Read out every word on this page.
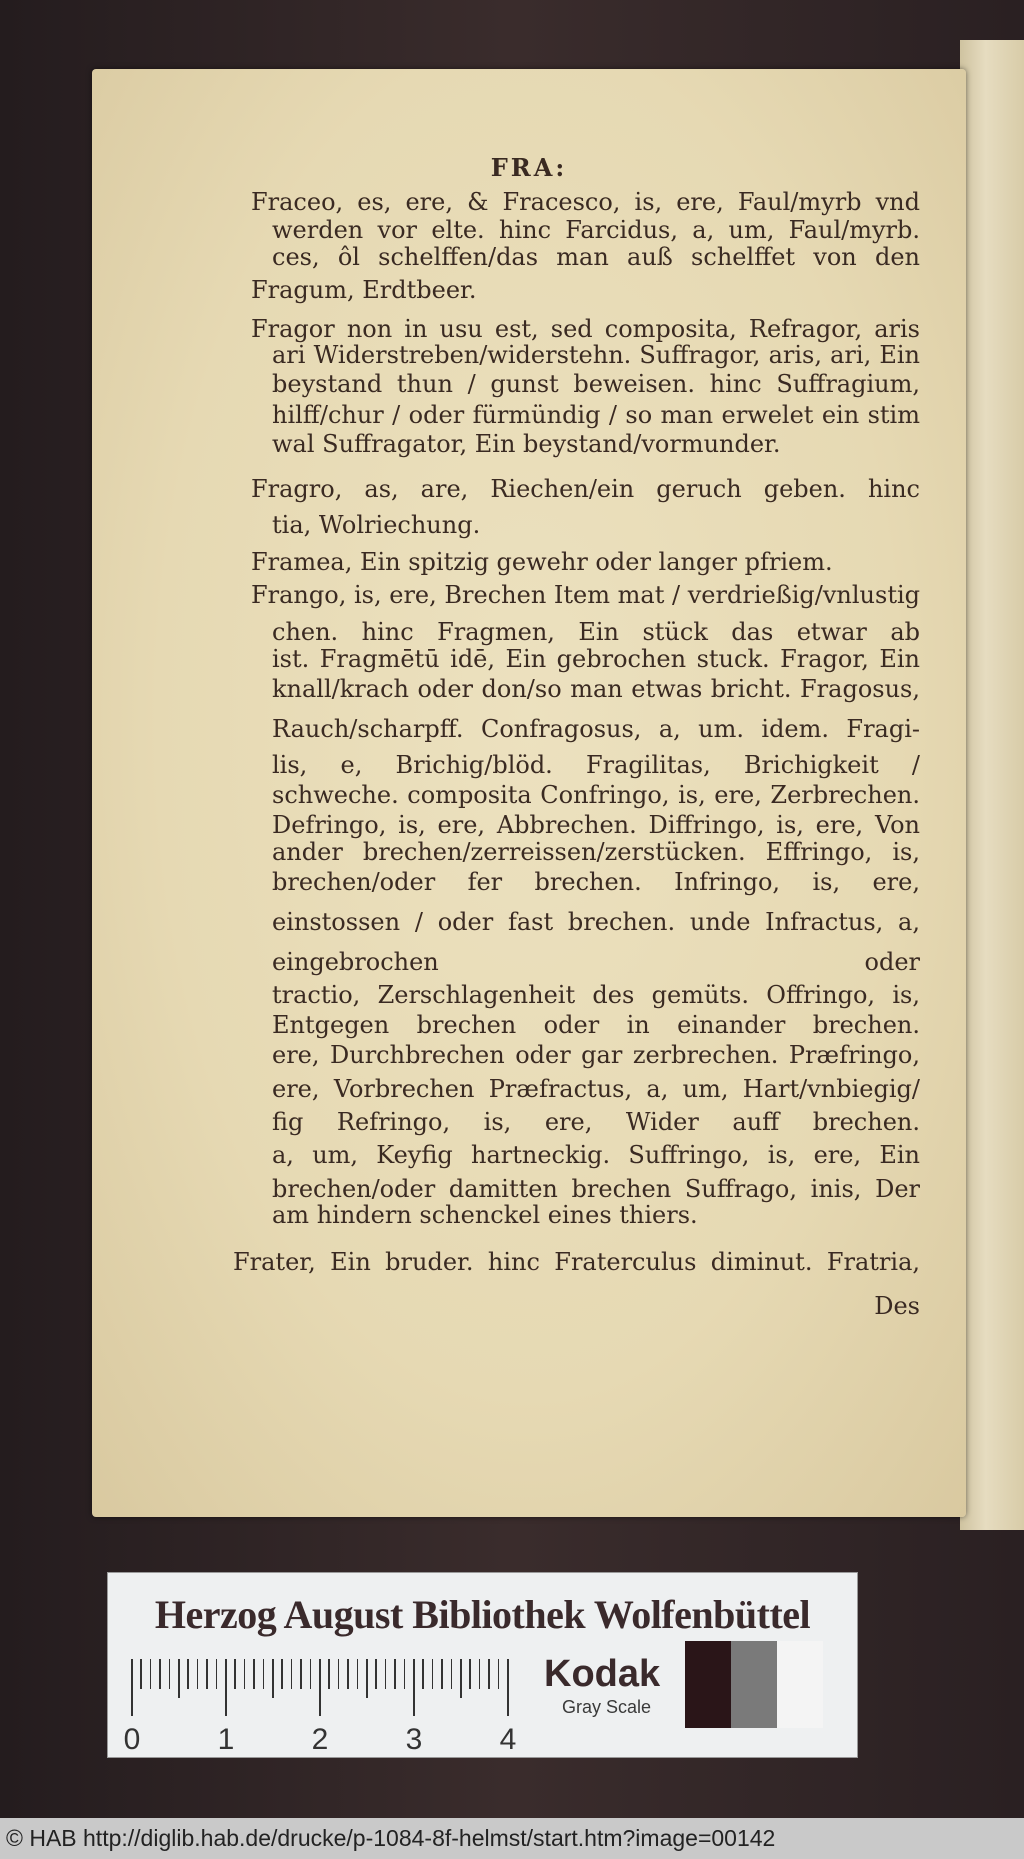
FRA:
Fraceo, es, ere, & Fracesco, is, ere, Faul/myrb vnd
werden vor elte. hinc Farcidus, a, um, Faul/myrb.
ces, ôl schelffen/das man auß schelffet von den
Fragum, Erdtbeer.
Fragor non in usu est, sed composita, Refragor, aris
ari Widerstreben/widerstehn. Suffragor, aris, ari, Ein
beystand thun / gunst beweisen. hinc Suffragium,
hilff/chur / oder fürmündig / so man erwelet ein stim
wal Suffragator, Ein beystand/vormunder.
Fragro, as, are, Riechen/ein geruch geben. hinc
tia, Wolriechung.
Framea, Ein spitzig gewehr oder langer pfriem.
Frango, is, ere, Brechen Item mat / verdrießig/vnlustig
chen. hinc Fragmen, Ein stück das etwar ab
ist. Fragmētū idē, Ein gebrochen stuck. Fragor, Ein
knall/krach oder don/so man etwas bricht. Fragosus,
Rauch/scharpff. Confragosus, a, um. idem. Fragi-
lis, e, Brichig/blöd. Fragilitas, Brichigkeit /
schweche. composita Confringo, is, ere, Zerbrechen.
Defringo, is, ere, Abbrechen. Diffringo, is, ere, Von
ander brechen/zerreissen/zerstücken. Effringo, is,
brechen/oder fer brechen. Infringo, is, ere,
einstossen / oder fast brechen. unde Infractus, a,
eingebrochen oder
tractio, Zerschlagenheit des gemüts. Offringo, is,
Entgegen brechen oder in einander brechen.
ere, Durchbrechen oder gar zerbrechen. Præfringo,
ere, Vorbrechen Præfractus, a, um, Hart/vnbiegig/
fig Refringo, is, ere, Wider auff brechen.
a, um, Keyfig hartneckig. Suffringo, is, ere, Ein
brechen/oder damitten brechen Suffrago, inis, Der
am hindern schenckel eines thiers.
Frater, Ein bruder. hinc Fraterculus diminut. Fratria,
Des
Herzog August Bibliothek Wolfenbüttel
0	1	2	3	4
Kodak
Gray Scale
© HAB http://diglib.hab.de/drucke/p-1084-8f-helmst/start.htm?image=00142
